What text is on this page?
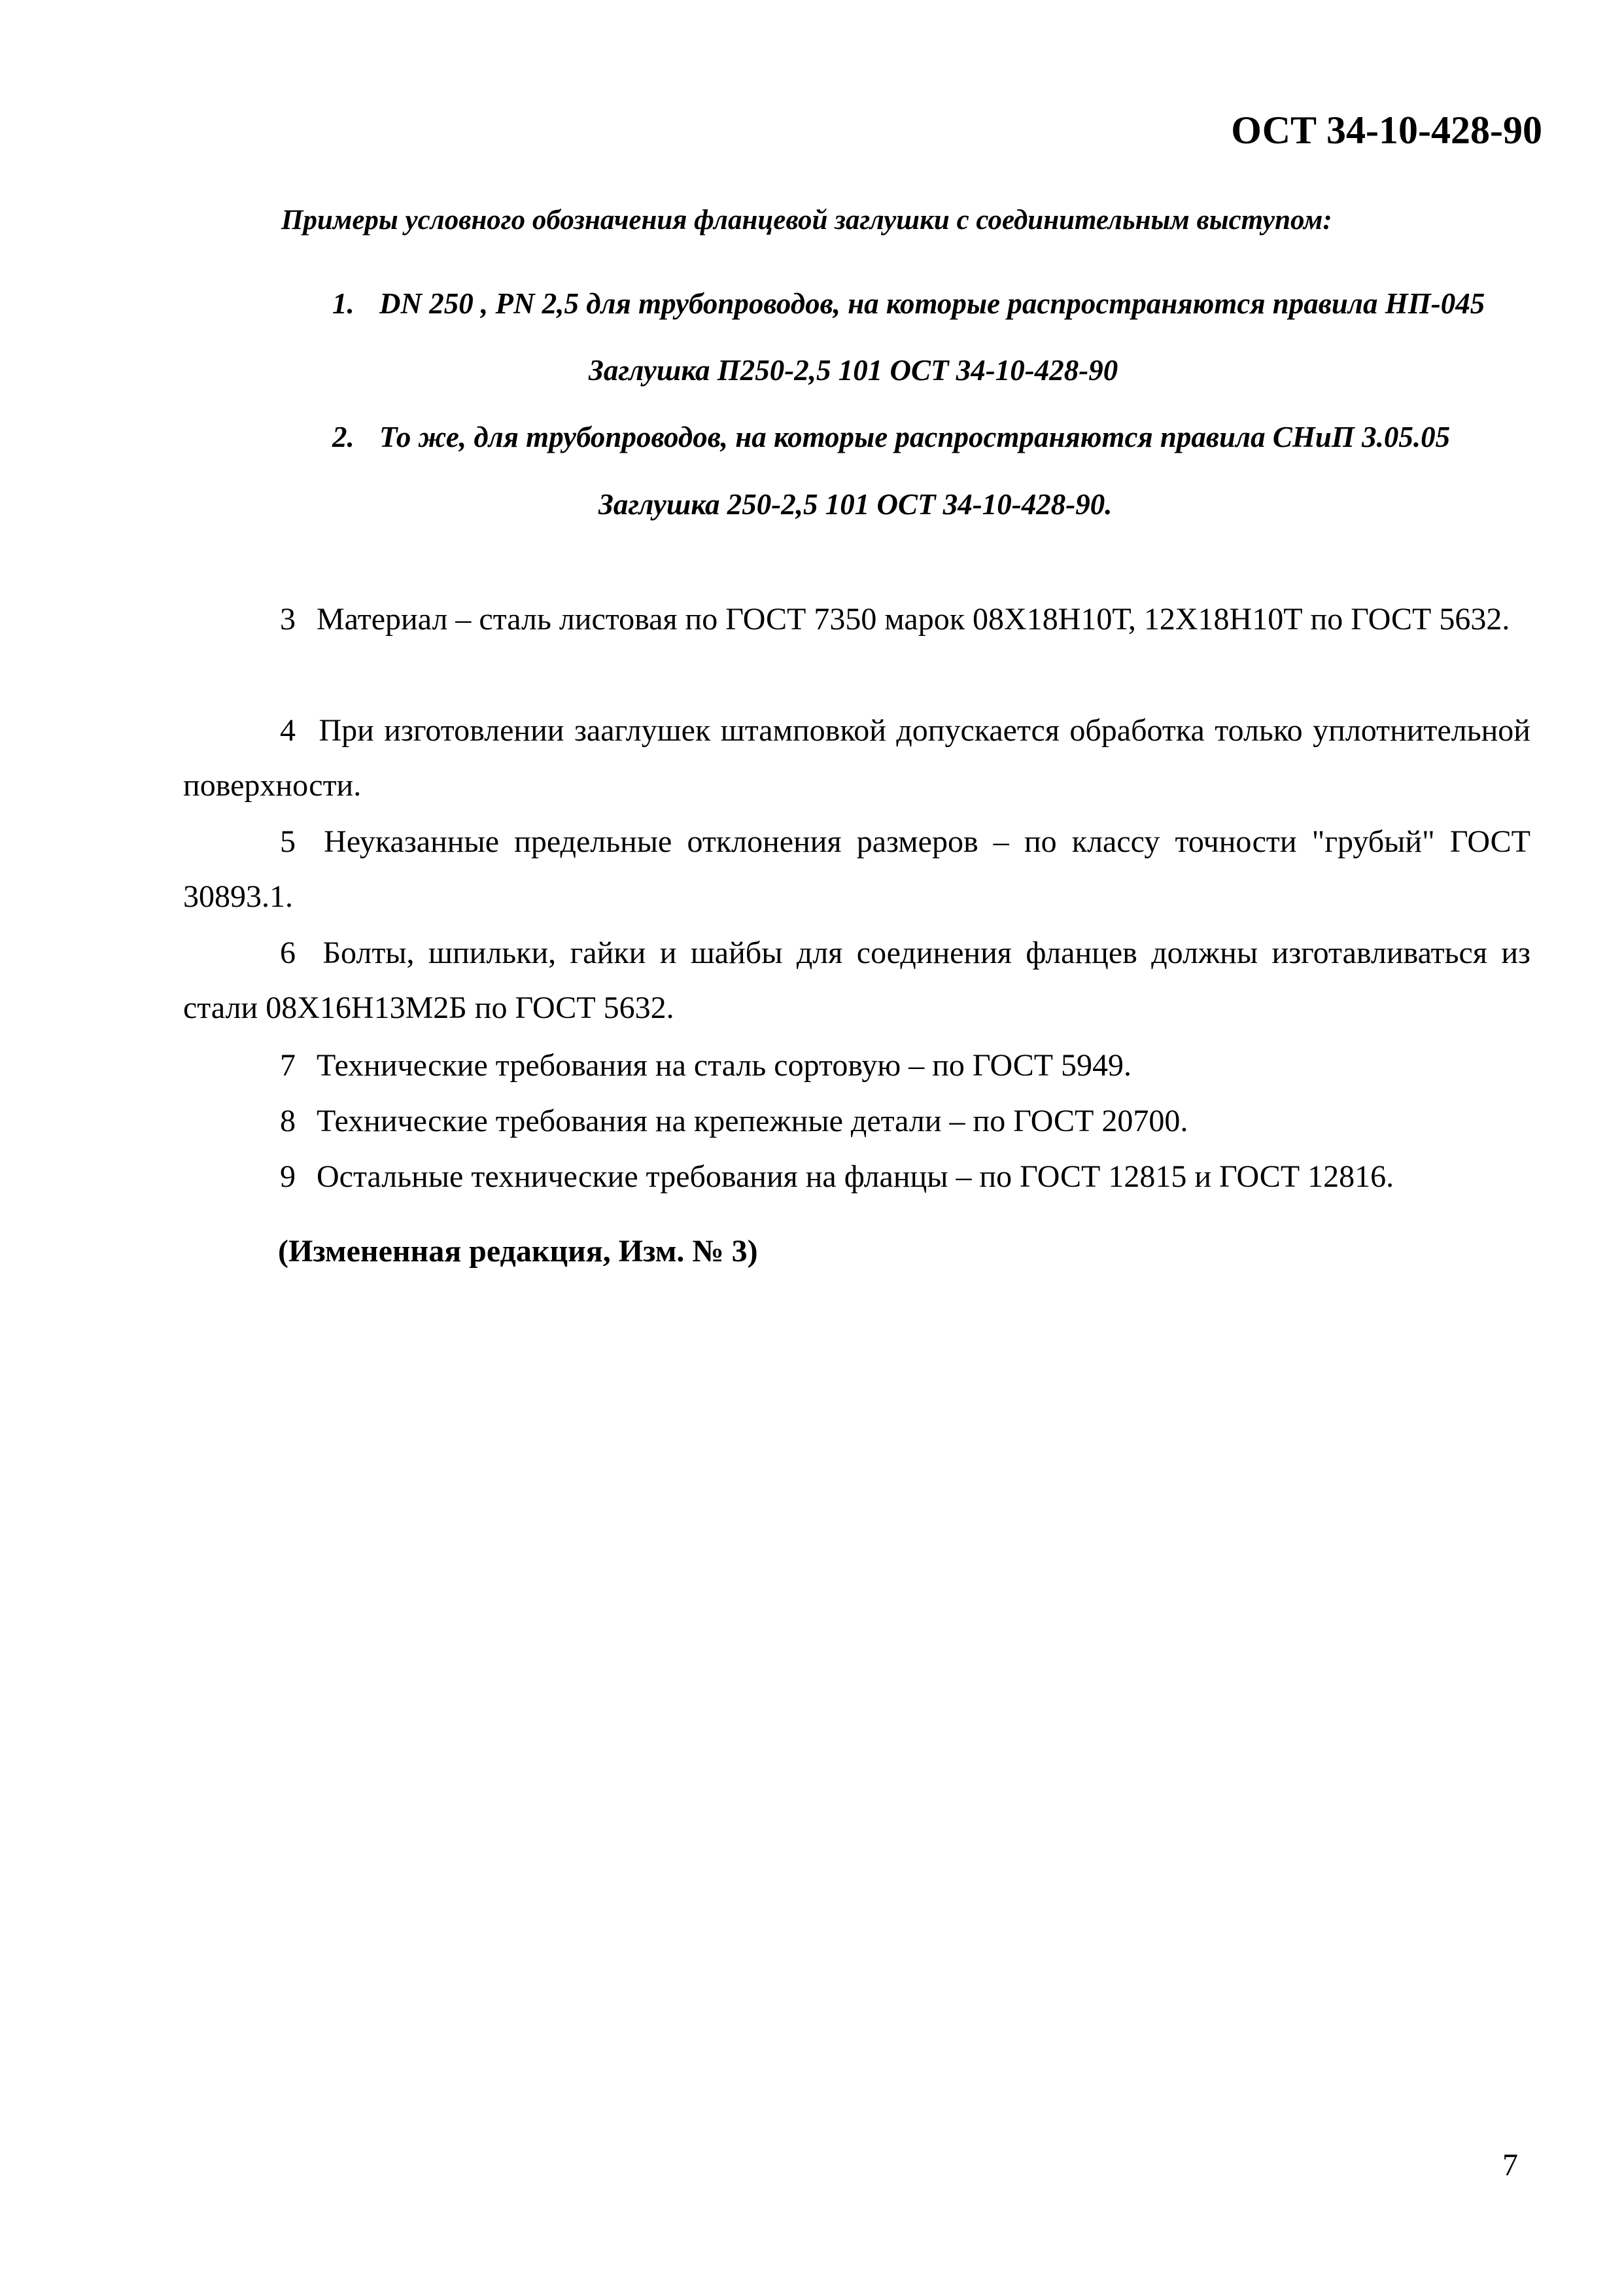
ОСТ 34-10-428-90
Примеры условного обозначения фланцевой заглушки с соединительным выступом:
1. DN 250 , PN 2,5 для трубопроводов, на которые распространяются правила НП-045
Заглушка П250-2,5 101 ОСТ 34-10-428-90
2. То же, для трубопроводов, на которые распространяются правила СНиП 3.05.05
Заглушка 250-2,5 101 ОСТ 34-10-428-90.
3 Материал – сталь листовая по ГОСТ 7350 марок 08Х18Н10Т, 12Х18Н10Т по ГОСТ 5632.
4 При изготовлении зааглушек штамповкой допускается обработка только уплотнительной поверхности.
5 Неуказанные предельные отклонения размеров – по классу точности "грубый" ГОСТ 30893.1.
6 Болты, шпильки, гайки и шайбы для соединения фланцев должны изготавливаться из стали 08Х16Н13М2Б по ГОСТ 5632.
7 Технические требования на сталь сортовую – по ГОСТ 5949.
8 Технические требования на крепежные детали – по ГОСТ 20700.
9 Остальные технические требования на фланцы – по ГОСТ 12815 и ГОСТ 12816.
(Измененная редакция, Изм. № 3)
7
